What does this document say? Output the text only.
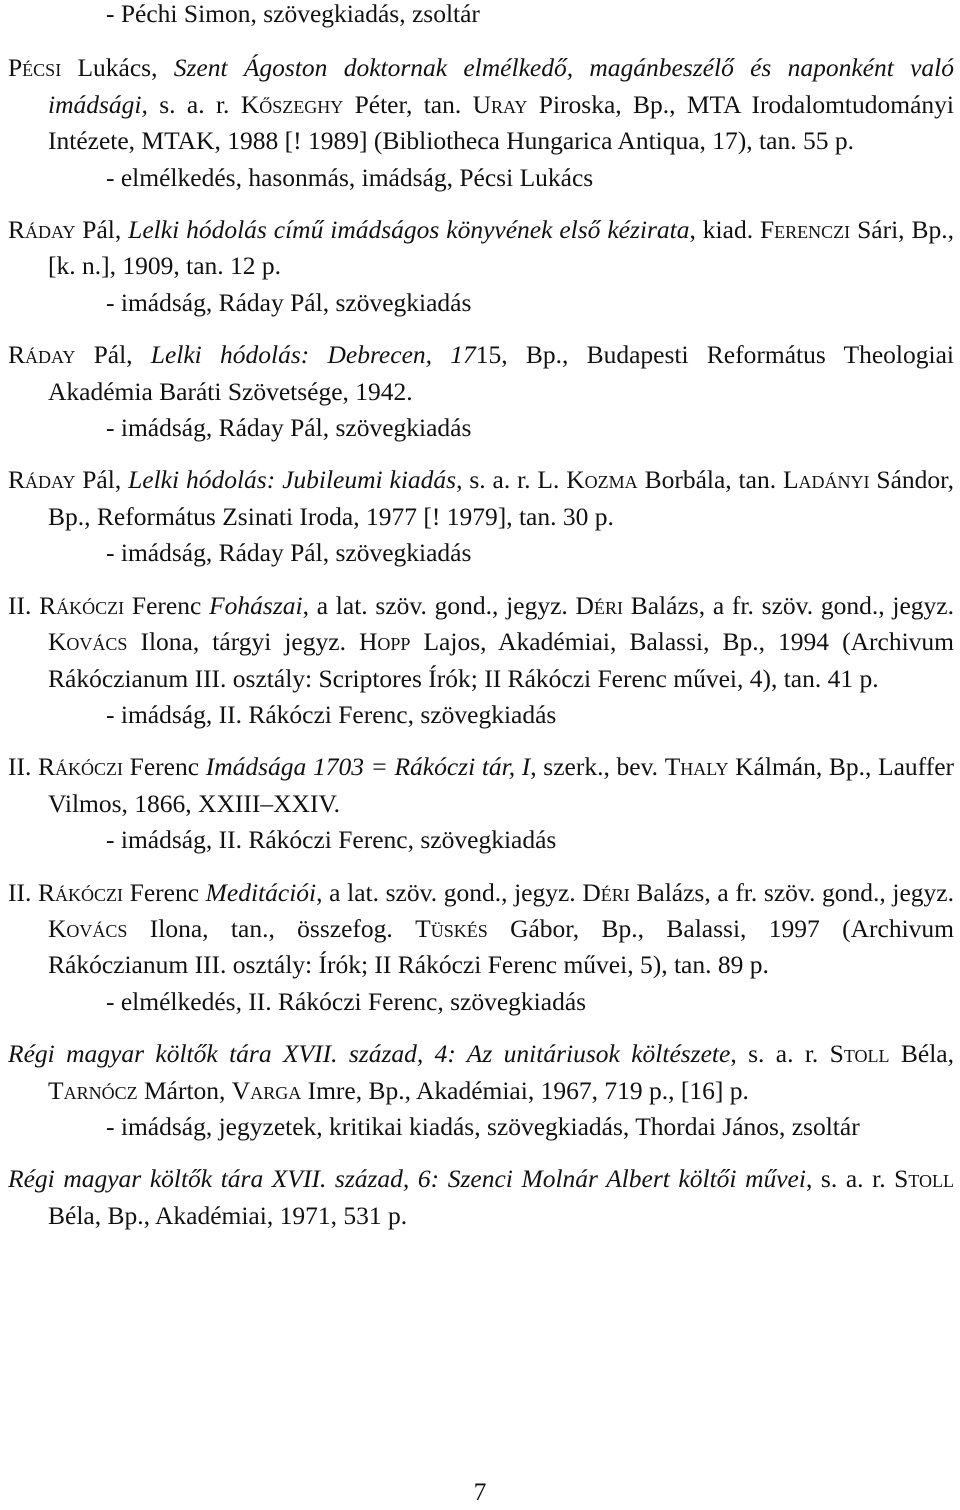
- Péchi Simon, szövegkiadás, zsoltár

Pécsi Lukács, Szent Ágoston doktornak elmélkedő, magánbeszélő és naponként való imádsági, s. a. r. Kőszeghy Péter, tan. Uray Piroska, Bp., MTA Irodalomtudományi Intézete, MTAK, 1988 [! 1989] (Bibliotheca Hungarica Antiqua, 17), tan. 55 p.

- elmélkedés, hasonmás, imádság, Pécsi Lukács

Ráday Pál, Lelki hódolás című imádságos könyvének első kézirata, kiad. Ferenczi Sári, Bp., [k. n.], 1909, tan. 12 p.

- imádság, Ráday Pál, szövegkiadás

Ráday Pál, Lelki hódolás: Debrecen, 1715, Bp., Budapesti Református Theologiai Akadémia Baráti Szövetsége, 1942.

- imádság, Ráday Pál, szövegkiadás

Ráday Pál, Lelki hódolás: Jubileumi kiadás, s. a. r. L. Kozma Borbála, tan. Ladányi Sándor, Bp., Református Zsinati Iroda, 1977 [! 1979], tan. 30 p.

- imádság, Ráday Pál, szövegkiadás

II. Rákóczi Ferenc Fohászai, a lat. szöv. gond., jegyz. Déri Balázs, a fr. szöv. gond., jegyz. Kovács Ilona, tárgyi jegyz. Hopp Lajos, Akadémiai, Balassi, Bp., 1994 (Archivum Rákóczianum III. osztály: Scriptores Írók; II Rákóczi Ferenc művei, 4), tan. 41 p.

- imádság, II. Rákóczi Ferenc, szövegkiadás

II. Rákóczi Ferenc Imádsága 1703 = Rákóczi tár, I, szerk., bev. Thaly Kálmán, Bp., Lauffer Vilmos, 1866, XXIII–XXIV.

- imádság, II. Rákóczi Ferenc, szövegkiadás

II. Rákóczi Ferenc Meditációi, a lat. szöv. gond., jegyz. Déri Balázs, a fr. szöv. gond., jegyz. Kovács Ilona, tan., összefog. Tüskés Gábor, Bp., Balassi, 1997 (Archivum Rákóczianum III. osztály: Írók; II Rákóczi Ferenc művei, 5), tan. 89 p.

- elmélkedés, II. Rákóczi Ferenc, szövegkiadás

Régi magyar költők tára XVII. század, 4: Az unitáriusok költészete, s. a. r. Stoll Béla, Tarnócz Márton, Varga Imre, Bp., Akadémiai, 1967, 719 p., [16] p.

- imádság, jegyzetek, kritikai kiadás, szövegkiadás, Thordai János, zsoltár

Régi magyar költők tára XVII. század, 6: Szenci Molnár Albert költői művei, s. a. r. Stoll Béla, Bp., Akadémiai, 1971, 531 p.

7
